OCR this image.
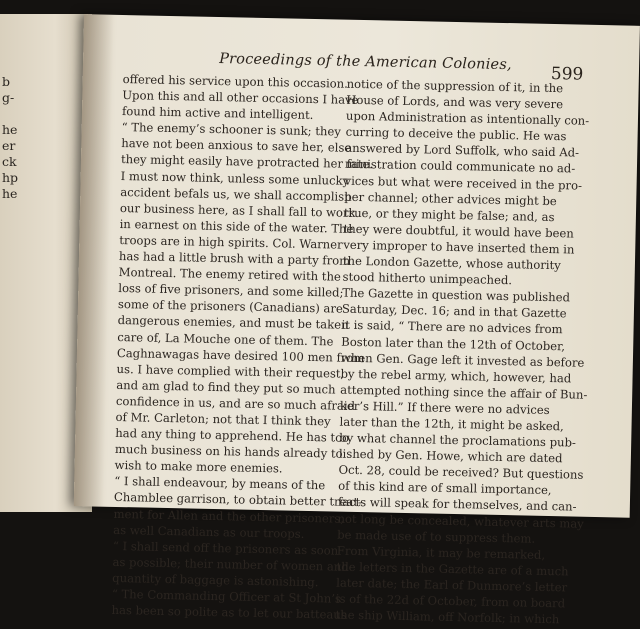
b
g-
he
er
ck
hp
he
Proceedings of the American Colonies,
599
offered his service upon this occasion.
Upon this and all other occasions I have
found him active and intelligent.
“ The enemy’s schooner is sunk; they
have not been anxious to save her, else
they might easily have protracted her fate.
I must now think, unless some unlucky
accident befals us, we shall accomplish
our business here, as I shall fall to work
in earnest on this side of the water. The
troops are in high spirits. Col. Warner
has had a little brush with a party from
Montreal. The enemy retired with the
loss of five prisoners, and some killed;
some of the prisoners (Canadians) are
dangerous enemies, and must be taken
care of, La Mouche one of them. The
Caghnawagas have desired 100 men from
us. I have complied with their request,
and am glad to find they put so much
confidence in us, and are so much afraid
of Mr. Carleton; not that I think they
had any thing to apprehend. He has too
much business on his hands already to
wish to make more enemies.
“ I shall endeavour, by means of the
Chamblee garrison, to obtain better treat-
ment for Allen and the other prisoners,
as well Canadians as our troops.
“ I shall send off the prisoners as soon
as possible; their number of women and
quantity of baggage is astonishing.
“ The Commanding Officer at St John’s
has been so polite as to let our batteaus
notice of the suppression of it, in the
House of Lords, and was very severe
upon Administration as intentionally con-
curring to deceive the public. He was
answered by Lord Suffolk, who said Ad-
ministration could communicate no ad-
vices but what were received in the pro-
per channel; other advices might be
true, or they might be false; and, as
they were doubtful, it would have been
very improper to have inserted them in
the London Gazette, whose authority
stood hitherto unimpeached.
The Gazette in question was published
Saturday, Dec. 16; and in that Gazette
it is said, “ There are no advices from
Boston later than the 12th of October,
when Gen. Gage left it invested as before
by the rebel army, which, however, had
attempted nothing since the affair of Bun-
ker’s Hill.” If there were no advices
later than the 12th, it might be asked,
by what channel the proclamations pub-
lished by Gen. Howe, which are dated
Oct. 28, could be received? But questions
of this kind are of small importance,
facts will speak for themselves, and can-
not long be concealed, whatever arts may
be made use of to suppress them.
From Virginia, it may be remarked,
the letters in the Gazette are of a much
later date; the Earl of Dunmore’s letter
is of the 22d of October, from on board
the ship William, off Norfolk; in which
